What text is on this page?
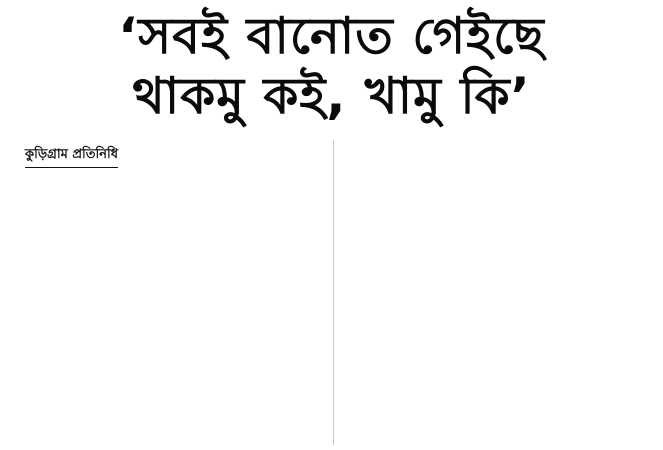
‘সবই বানোত গেইছে
থাকমু কই, খামু কি’
কুড়িগ্রাম প্রতিনিধি
